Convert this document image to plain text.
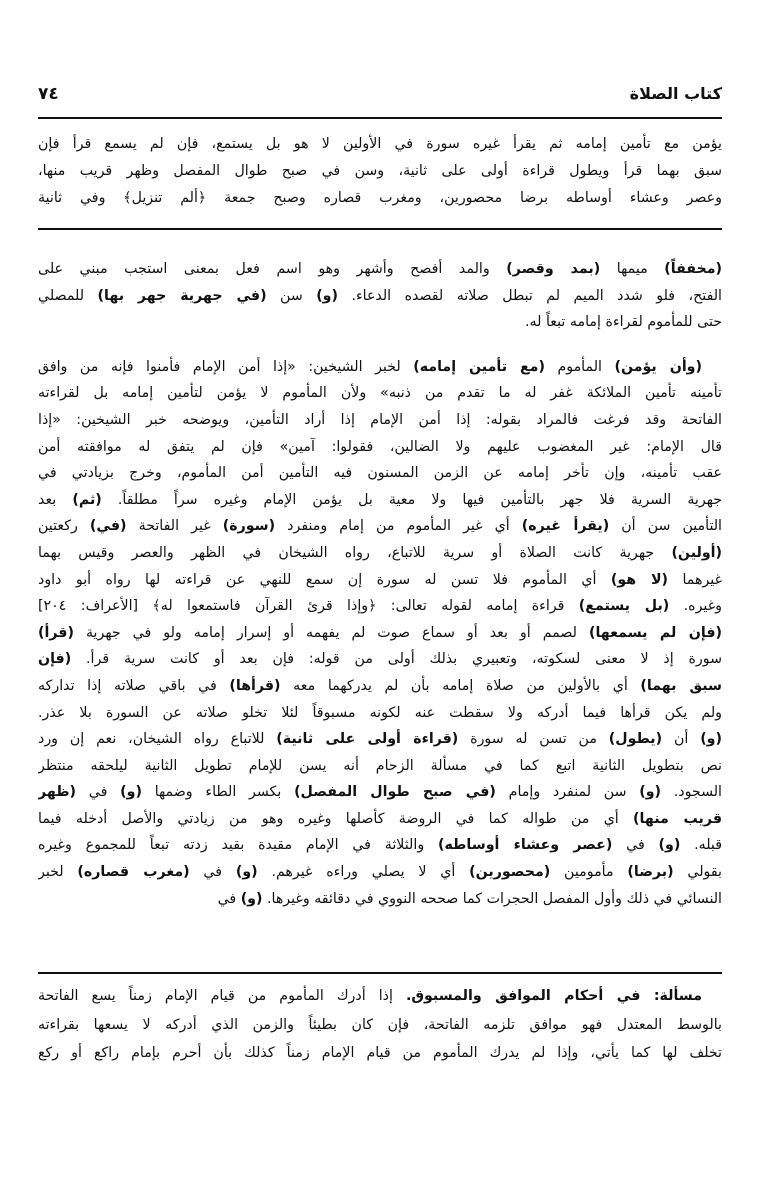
٧٤	كتاب الصلاة
يؤمن مع تأمين إمامه ثم يقرأ غيره سورة في الأولين لا هو بل يستمع، فإن لم يسمع قرأ فإن
سبق بهما قرأ ويطول قراءة أولى على ثانية، وسن في صبح طوال المفصل وظهر قريب منها،
وعصر وعشاء أوساطه برضا محصورين، ومغرب قصاره وصبح جمعة ﴿ألم تنزيل﴾ وفي ثانية
(مخففاً) ميمها (بمد وقصر) والمد أفصح وأشهر وهو اسم فعل بمعنى استجب مبني على
الفتح، فلو شدد الميم لم تبطل صلاته لقصده الدعاء. (و) سن (في جهرية جهر بها) للمصلي
حتى للمأموم لقراءة إمامه تبعاً له.
(وأن يؤمن) المأموم (مع تأمين إمامه) لخبر الشيخين: «إذا أمن الإمام فأمنوا فإنه من وافق
تأمينه تأمين الملائكة غفر له ما تقدم من ذنبه» ولأن المأموم لا يؤمن لتأمين إمامه بل لقراءته
الفاتحة وقد فرغت فالمراد بقوله: إذا أمن الإمام إذا أراد التأمين، ويوضحه خبر الشيخين: «إذا
قال الإمام: غير المغضوب عليهم ولا الضالين، فقولوا: آمين» فإن لم يتفق له موافقته أمن
عقب تأمينه، وإن تأخر إمامه عن الزمن المسنون فيه التأمين أمن المأموم، وخرج بزيادتي في
جهرية السرية فلا جهر بالتأمين فيها ولا معية بل يؤمن الإمام وغيره سراً مطلقاً. (ثم) بعد
التأمين سن أن (يقرأ غيره) أي غير المأموم من إمام ومنفرد (سورة) غير الفاتحة (في) ركعتين
(أولين) جهرية كانت الصلاة أو سرية للاتباع، رواه الشيخان في الظهر والعصر وقيس بهما
غيرهما (لا هو) أي المأموم فلا تسن له سورة إن سمع للنهي عن قراءته لها رواه أبو داود
وغيره. (بل يستمع) قراءة إمامه لقوله تعالى: ﴿وإذا قرئ القرآن فاستمعوا له﴾ [الأعراف: ٢٠٤]
(فإن لم يسمعها) لصمم أو بعد أو سماع صوت لم يفهمه أو إسرار إمامه ولو في جهرية (قرأ)
سورة إذ لا معنى لسكوته، وتعبيري بذلك أولى من قوله: فإن بعد أو كانت سرية قرأ. (فإن
سبق بهما) أي بالأولين من صلاة إمامه بأن لم يدركهما معه (قرأها) في باقي صلاته إذا تداركه
ولم يكن قرأها فيما أدركه ولا سقطت عنه لكونه مسبوقاً لئلا تخلو صلاته عن السورة بلا عذر.
(و) أن (يطول) من تسن له سورة (قراءة أولى على ثانية) للاتباع رواه الشيخان، نعم إن ورد
نص بتطويل الثانية اتبع كما في مسألة الزحام أنه يسن للإمام تطويل الثانية ليلحقه منتظر
السجود. (و) سن لمنفرد وإمام (في صبح طوال المفصل) بكسر الطاء وضمها (و) في (ظهر
قريب منها) أي من طواله كما في الروضة كأصلها وغيره وهو من زيادتي والأصل أدخله فيما
قبله. (و) في (عصر وعشاء أوساطه) والثلاثة في الإمام مقيدة بقيد زدته تبعاً للمجموع وغيره
بقولي (برضا) مأمومين (محصورين) أي لا يصلي وراءه غيرهم. (و) في (مغرب قصاره) لخبر
النسائي في ذلك وأول المفصل الحجرات كما صححه النووي في دقائقه وغيرها. (و) في
مسألة: في أحكام الموافق والمسبوق. إذا أدرك المأموم من قيام الإمام زمناً يسع الفاتحة
بالوسط المعتدل فهو موافق تلزمه الفاتحة، فإن كان بطيئاً والزمن الذي أدركه لا يسعها بقراءته
تخلف لها كما يأتي، وإذا لم يدرك المأموم من قيام الإمام زمناً كذلك بأن أحرم بإمام راكع أو ركع
